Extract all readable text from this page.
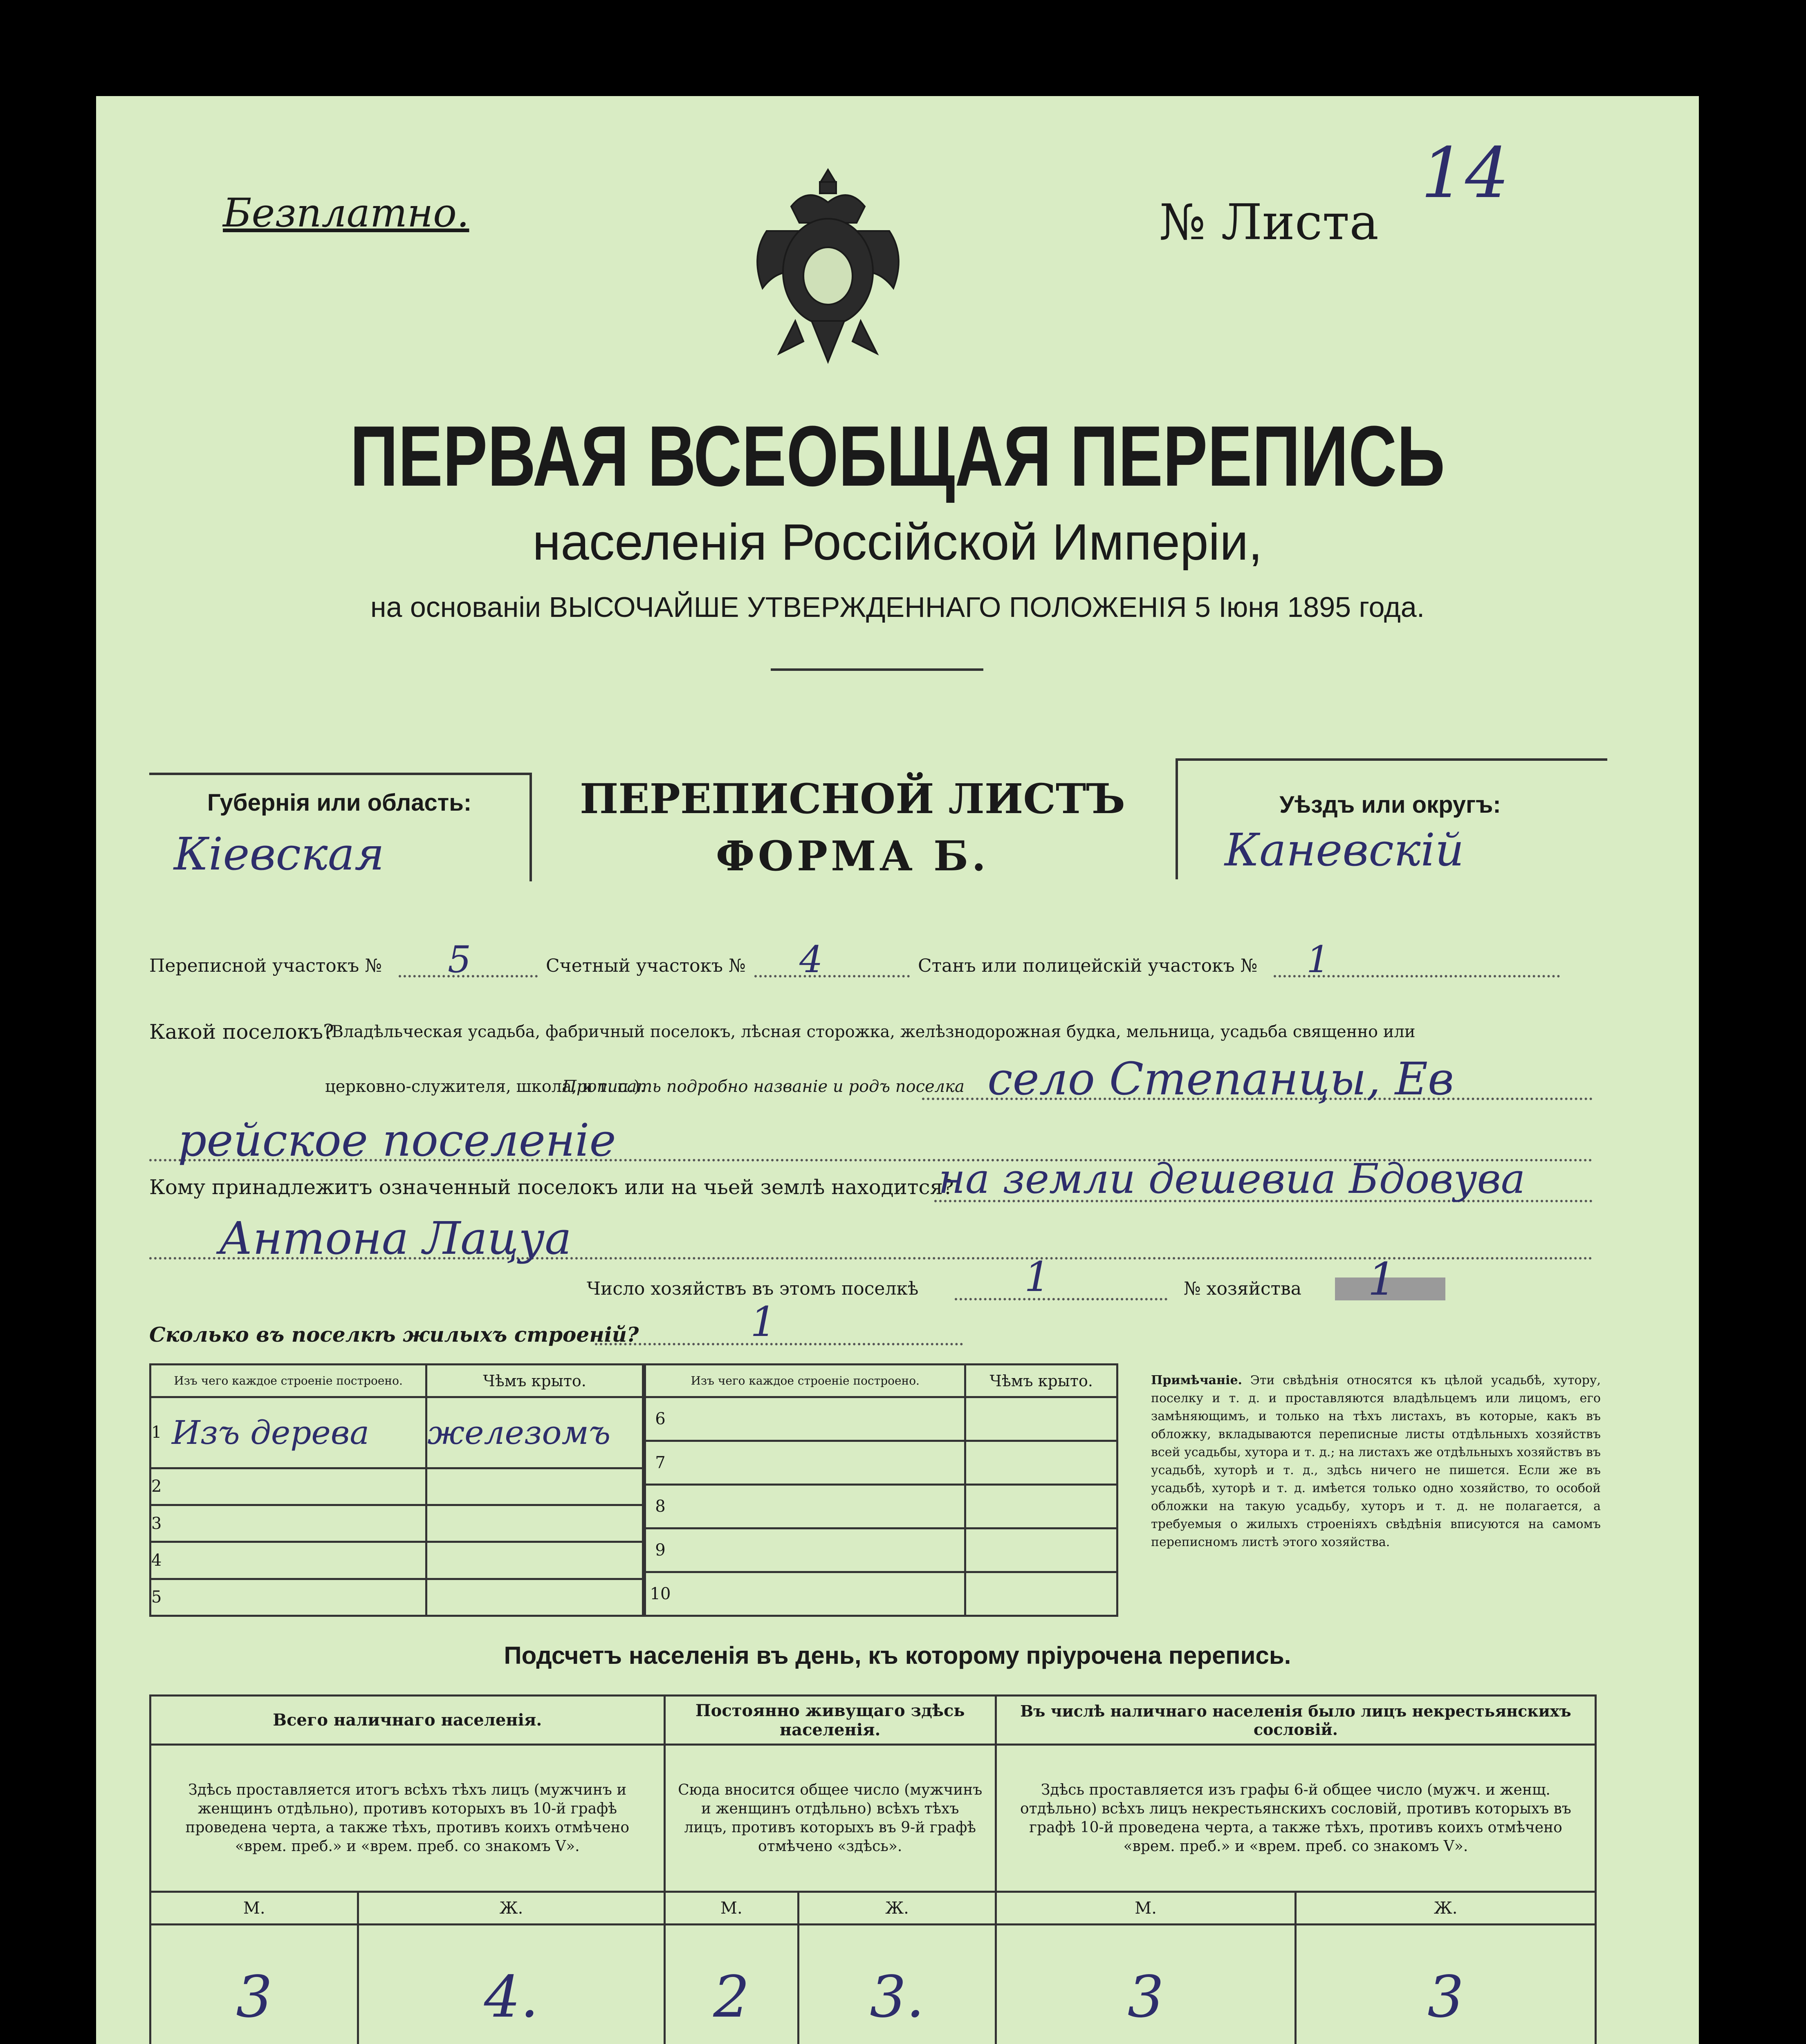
Безплатно.	№ Листа
14
ПЕРВАЯ ВСЕОБЩАЯ ПЕРЕПИСЬ
населенія Россійской Имперіи,
на основаніи ВЫСОЧАЙШЕ УТВЕРЖДЕННАГО ПОЛОЖЕНІЯ 5 Іюня 1895 года.
Губернія или область:
Кіевская
ПЕРЕПИСНОЙ ЛИСТЪ
ФОРМА Б.
Уѣздъ или округъ:
Каневскій
Переписной участокъ № 5	Счетный участокъ № 4	Станъ или полицейскій участокъ № 1
Какой поселокъ?
(Владѣльческая усадьба, фабричный поселокъ, лѣсная сторожка, желѣзнодорожная будка, мельница, усадьба священно или
церковно-служителя, школа, и т. п.).
Прописать подробно названіе и родъ поселка село Степанцы, Ев
рейское поселеніе
Кому принадлежитъ означенный поселокъ или на чьей землѣ находится?
на земли дешевиа Бдовува
Антона Лацуа
Число хозяйствъ въ этомъ поселкѣ	1	№ хозяйства 1
Сколько въ поселкѣ жилыхъ строеній?	1
Изъ чего каждое строеніе построено.		Чѣмъ крыто.
1	Изъ дерева	железомъ
2		
3		
4		
5		
Изъ чего каждое строеніе построено.		Чѣмъ крыто.
6		
7		
8		
9		
10		
Примѣчаніе. Эти свѣдѣнія относятся къ цѣлой усадьбѣ, хутору, поселку и т. д. и проставляются владѣльцемъ или лицомъ, его замѣняющимъ, и только на тѣхъ листахъ, въ которые, какъ въ обложку, вкладываются переписные листы отдѣльныхъ хозяйствъ всей усадьбы, хутора и т. д.; на листахъ же отдѣльныхъ хозяйствъ въ усадьбѣ, хуторѣ и т. д., здѣсь ничего не пишется. Если же въ усадьбѣ, хуторѣ и т. д. имѣется только одно хозяйство, то особой обложки на такую усадьбу, хуторъ и т. д. не полагается, а требуемыя о жилыхъ строеніяхъ свѣдѣнія вписуются на самомъ переписномъ листѣ этого хозяйства.
Подсчетъ населенія въ день, къ которому пріурочена перепись.
Всего наличнаго населенія.		Постоянно живущаго здѣсь населенія.		Въ числѣ наличнаго населенія было лицъ некрестьянскихъ сословій.	
Здѣсь проставляется итогъ всѣхъ тѣхъ лицъ (мужчинъ и женщинъ отдѣльно), противъ которыхъ въ 10-й графѣ проведена черта, а также тѣхъ, противъ коихъ отмѣчено «врем. преб.» и «врем. преб. со знакомъ V».		Сюда вносится общее число (мужчинъ и женщинъ отдѣльно) всѣхъ тѣхъ лицъ, противъ которыхъ въ 9-й графѣ отмѣчено «здѣсь».		Здѣсь проставляется изъ графы 6-й общее число (мужч. и женщ. отдѣльно) всѣхъ лицъ некрестьянскихъ сословій, противъ которыхъ въ графѣ 10-й проведена черта, а также тѣхъ, противъ коихъ отмѣчено «врем. преб.» и «врем. преб. со знакомъ V».	
М.	Ж.	М.	Ж.	М.	Ж.
3	4.	2	3.	3	3
